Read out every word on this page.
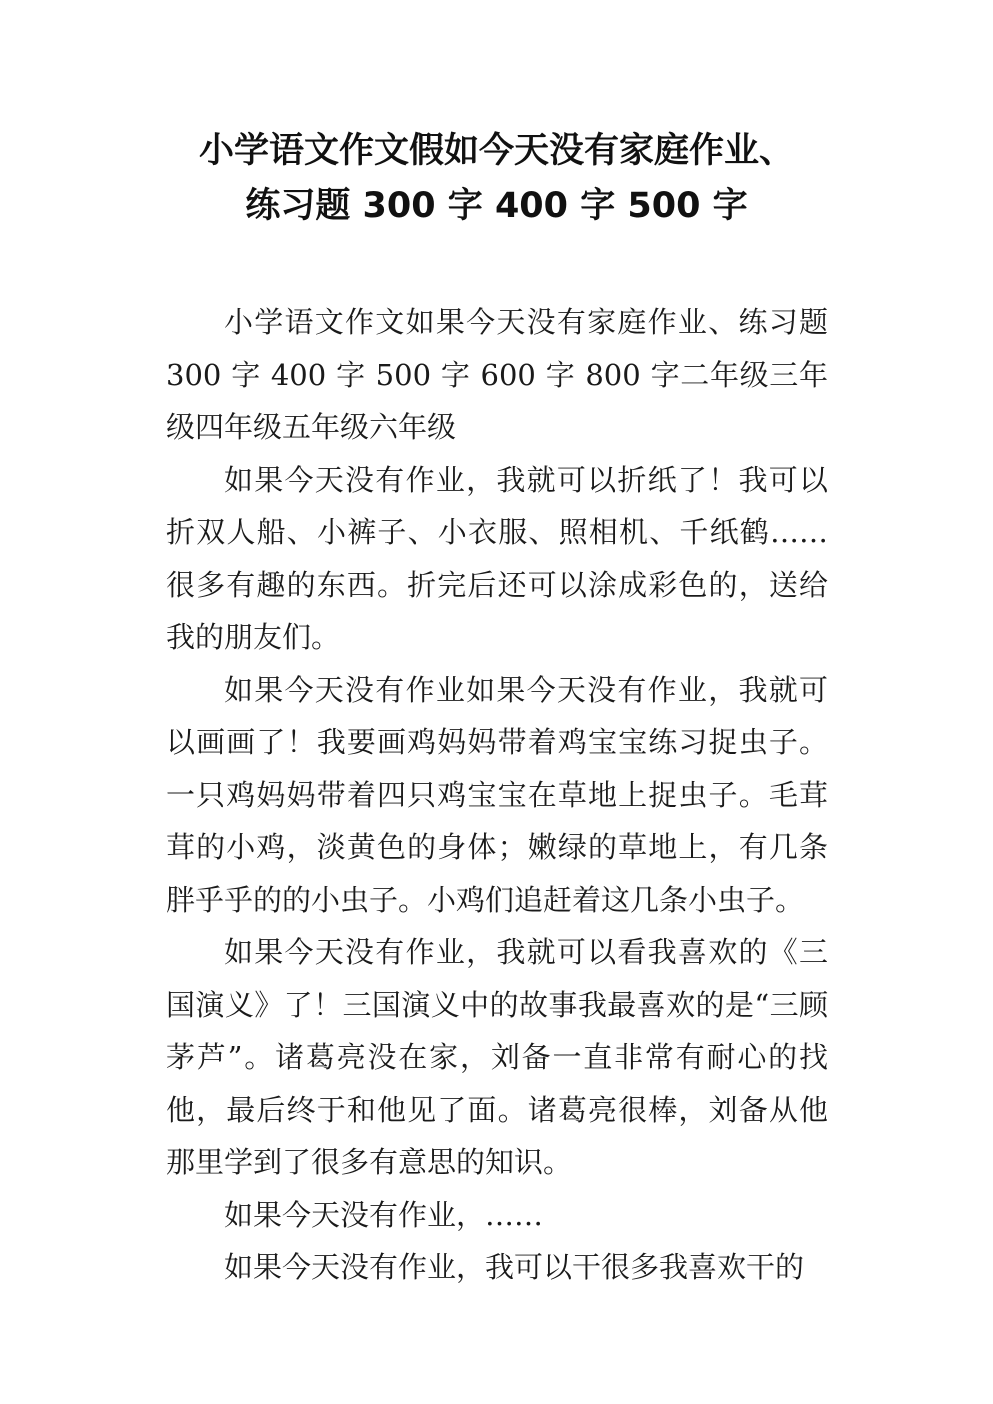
小学语文作文假如今天没有家庭作业、
练习题 300 字 400 字 500 字

小学语文作文如果今天没有家庭作业、练习题 300 字 400 字 500 字 600 字 800 字二年级三年级四年级五年级六年级

如果今天没有作业，我就可以折纸了！我可以折双人船、小裤子、小衣服、照相机、千纸鹤……很多有趣的东西。折完后还可以涂成彩色的，送给我的朋友们。

如果今天没有作业如果今天没有作业，我就可以画画了！我要画鸡妈妈带着鸡宝宝练习捉虫子。一只鸡妈妈带着四只鸡宝宝在草地上捉虫子。毛茸茸的小鸡，淡黄色的身体；嫩绿的草地上，有几条胖乎乎的的小虫子。小鸡们追赶着这几条小虫子。

如果今天没有作业，我就可以看我喜欢的《三国演义》了！三国演义中的故事我最喜欢的是“三顾茅芦”。诸葛亮没在家，刘备一直非常有耐心的找他，最后终于和他见了面。诸葛亮很棒，刘备从他那里学到了很多有意思的知识。

如果今天没有作业，……

如果今天没有作业，我可以干很多我喜欢干的
